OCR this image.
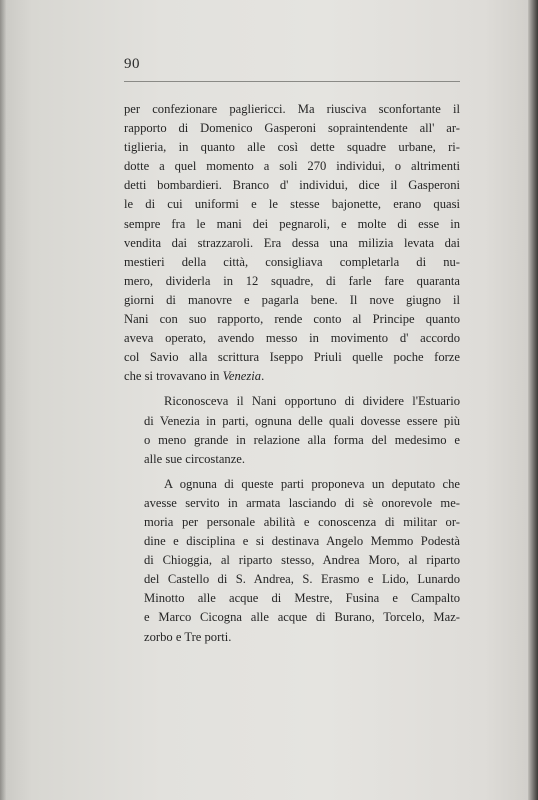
90

per confezionare pagliericci. Ma riusciva sconfortante il
rapporto di Domenico Gasperoni sopraintendente all' ar-
tiglieria, in quanto alle così dette squadre urbane, ri-
dotte a quel momento a soli 270 individui, o altrimenti
detti bombardieri. Branco d' individui, dice il Gasperoni
le di cui uniformi e le stesse bajonette, erano quasi
sempre fra le mani dei pegnaroli, e molte di esse in
vendita dai strazzaroli. Era dessa una milizia levata dai
mestieri della città, consigliava completarla di nu-
mero, dividerla in 12 squadre, di farle fare quaranta
giorni di manovre e pagarla bene. Il nove giugno il
Nani con suo rapporto, rende conto al Principe quanto
aveva operato, avendo messo in movimento d' accordo
col Savio alla scrittura Iseppo Priuli quelle poche forze
che si trovavano in Venezia.

Riconosceva il Nani opportuno di dividere l'Estuario
di Venezia in parti, ognuna delle quali dovesse essere più
o meno grande in relazione alla forma del medesimo e
alle sue circostanze.

A ognuna di queste parti proponeva un deputato che
avesse servito in armata lasciando di sè onorevole me-
moria per personale abilità e conoscenza di militar or-
dine e disciplina e si destinava Angelo Memmo Podestà
di Chioggia, al riparto stesso, Andrea Moro, al riparto
del Castello di S. Andrea, S. Erasmo e Lido, Lunardo
Minotto alle acque di Mestre, Fusina e Campalto
e Marco Cicogna alle acque di Burano, Torcelo, Maz-
zorbo e Tre porti.
